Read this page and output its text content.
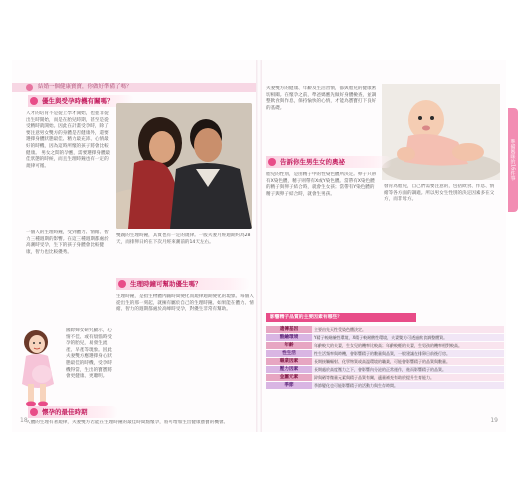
結婚一個健康寶寶，你做好準備了嗎？
優生與受孕時機有關嗎？
人才的培育不是從上學才開始，也並非從出生時開始，而是在胎兒時期，甚至是從受精時就開始。因此在計畫受孕時，除了要注意男女雙方的身體是否健康外，還要選擇身體狀態最佳、精力最充沛、心情最好的時機，因為這時所懷的孩子將會比較健康。 男女之間的孕應，需要選擇身體最佳狀態的時候，而且生理時鐘也有一定的規律可循。
一個人的生理時鐘，受到體力、情緒、智力三種週期的影響。在這三種週期都處於高潮時受孕，生下的孩子身體會比較健康，智力也比較優秀。
雙親的生理時鐘，其實也有一定的規律。一般夫妻月經週期約為28天，而排卵日約在下次月經來潮前的14天左右。
生理時鐘可幫助優生嗎？
生理時鐘，是指生物體內隨時間變化而規律週期變化的現象。每個人從出生的那一刻起，就擁有屬於自己的生理時鐘。如果能在體力、情緒、智力的週期都處於高峰時受孕，對優生非常有幫助。
國際婦女研究顯示，心情不佳、或有煩惱時受孕的胎兒，易發生流產、早產等現象。因此夫妻雙方應選擇身心狀態最佳的時機，受孕時機得當，生出的寶寶將會更健康、更聰明。
懷孕的最佳時期
人體的生理有著規律，夫妻雙方若能在生理時鐘的最佳時間點懷孕，將可增加生出健康寶寶的機會。
18
夫妻雙方的健康、年齡及生活習慣，都與胎兒的健康密切相關。在懷孕之前，準爸媽應先做好身體檢查，並調整飲食與作息，保持愉快的心情，才能為寶寶打下良好的基礎。
告訴你生男生女的奧祕
胎兒的性別，是由精子中的性染色體所決定。卵子只帶有X染色體，精子則帶有X或Y染色體。當帶有X染色體的精子與卵子結合時，就會生女孩；當帶有Y染色體的精子與卵子結合時，就會生男孩。
發育為胎兒，自己們需要注意的，包括飲食、作息、情緒等各方面的調適。所以男女生性別的決定因素多在父方，而非母方。
影響精子品質的主要因素有哪些？
遺傳基因	主要由先天性受染色體決定。
酸鹼環境	Y精子較耐鹼性環境，X精子較耐酸性環境，夫妻雙方可透過飲食調整體質。
年齡	年齡較大的夫妻，生女兒的機率比較高；年齡較輕的夫妻，生男孩的機率相對較高。
性生活	性生活頻率與時機，會影響精子的數量與品質，一般建議在排卵日前後行房。
職業因素	長期接觸輻射、化學物質或高溫環境的職業，可能會影響精子的品質與數量。
壓力因素	長期處於高度壓力之下，會影響內分泌的正常運作，進而影響精子的品質。
金屬元素	鋅與硒等微量元素與精子品質有關，適量補充有助於提升生育能力。
季節	季節變化也可能影響精子的活動力與生存時間。
19
準備媽咪的16件事
